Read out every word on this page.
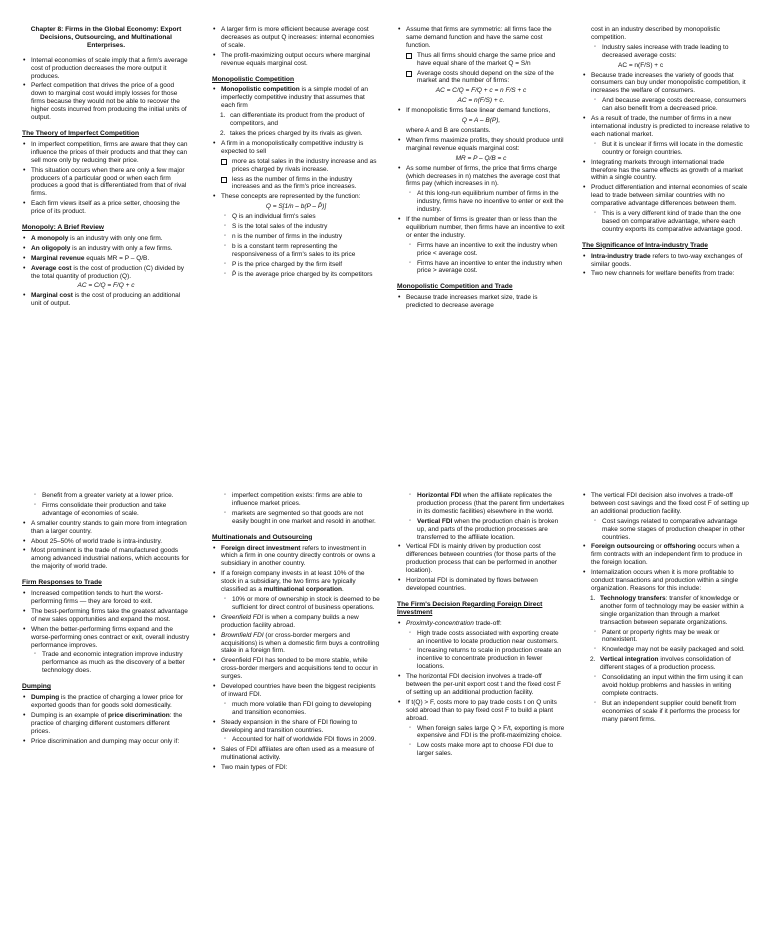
Chapter 8: Firms in the Global Economy: Export Decisions, Outsourcing, and Multinational Enterprises.
• Internal economies of scale imply that a firm's average cost of production decreases the more output it produces.
• Perfect competition that drives the price of a good down to marginal cost would imply losses for those firms because they would not be able to recover the higher costs incurred from producing the initial units of output.
The Theory of Imperfect Competition
• In imperfect competition, firms are aware that they can influence the prices of their products and that they can sell more only by reducing their price.
• This situation occurs when there are only a few major producers of a particular good or when each firm produces a good that is differentiated from that of rival firms.
• Each firm views itself as a price setter, choosing the price of its product.
Monopoly: A Brief Review
• A monopoly is an industry with only one firm.
• An oligopoly is an industry with only a few firms.
• Marginal revenue equals MR = P – Q/B.
• Average cost is the cost of production (C) divided by the total quantity of production (Q).
AC = C/Q = F/Q + c
• Marginal cost is the cost of producing an additional unit of output.
• A larger firm is more efficient because average cost decreases as output Q increases: internal economies of scale.
• The profit-maximizing output occurs where marginal revenue equals marginal cost.
Monopolistic Competition
• Monopolistic competition is a simple model of an imperfectly competitive industry that assumes that each firm
1. can differentiate its product from the product of competitors, and
2. takes the prices charged by its rivals as given.
• A firm in a monopolistically competitive industry is expected to sell
more as total sales in the industry increase and as prices charged by rivals increase.
less as the number of firms in the industry increases and as the firm's price increases.
• These concepts are represented by the function:
Q = S[1/n – b(P – P̄)]
◦ Q is an individual firm's sales
◦ S is the total sales of the industry
◦ n is the number of firms in the industry
◦ b is a constant term representing the responsiveness of a firm's sales to its price
◦ P is the price charged by the firm itself
◦ P̄ is the average price charged by its competitors
• Assume that firms are symmetric: all firms face the same demand function and have the same cost function.
Thus all firms should charge the same price and have equal share of the market Q = S/n
Average costs should depend on the size of the market and the number of firms:
AC = C/Q = F/Q + c = n F/S + c
AC = n(F/S) + c.
• If monopolistic firms face linear demand functions,
Q = A – B(P),
where A and B are constants.
• When firms maximize profits, they should produce until marginal revenue equals marginal cost:
MR = P – Q/B = c
• As some number of firms, the price that firms charge (which decreases in n) matches the average cost that firms pay (which increases in n).
◦ At this long-run equilibrium number of firms in the industry, firms have no incentive to enter or exit the industry.
• If the number of firms is greater than or less than the equilibrium number, then firms have an incentive to exit or enter the industry.
◦ Firms have an incentive to exit the industry when price < average cost.
◦ Firms have an incentive to enter the industry when price > average cost.
Monopolistic Competition and Trade
• Because trade increases market size, trade is predicted to decrease average
cost in an industry described by monopolistic competition.
◦ Industry sales increase with trade leading to decreased average costs:
AC = n(F/S) + c
• Because trade increases the variety of goods that consumers can buy under monopolistic competition, it increases the welfare of consumers.
◦ And because average costs decrease, consumers can also benefit from a decreased price.
• As a result of trade, the number of firms in a new international industry is predicted to increase relative to each national market.
◦ But it is unclear if firms will locate in the domestic country or foreign countries.
• Integrating markets through international trade therefore has the same effects as growth of a market within a single country.
• Product differentiation and internal economies of scale lead to trade between similar countries with no comparative advantage differences between them.
◦ This is a very different kind of trade than the one based on comparative advantage, where each country exports its comparative advantage good.
The Significance of Intra-industry Trade
• Intra-industry trade refers to two-way exchanges of similar goods.
• Two new channels for welfare benefits from trade:
◦ Benefit from a greater variety at a lower price.
◦ Firms consolidate their production and take advantage of economies of scale.
• A smaller country stands to gain more from integration than a larger country.
• About 25–50% of world trade is intra-industry.
• Most prominent is the trade of manufactured goods among advanced industrial nations, which accounts for the majority of world trade.
Firm Responses to Trade
• Increased competition tends to hurt the worst-performing firms — they are forced to exit.
• The best-performing firms take the greatest advantage of new sales opportunities and expand the most.
• When the better-performing firms expand and the worse-performing ones contract or exit, overall industry performance improves.
◦ Trade and economic integration improve industry performance as much as the discovery of a better technology does.
Dumping
• Dumping is the practice of charging a lower price for exported goods than for goods sold domestically.
• Dumping is an example of price discrimination: the practice of charging different customers different prices.
• Price discrimination and dumping may occur only if:
◦ imperfect competition exists: firms are able to influence market prices.
◦ markets are segmented so that goods are not easily bought in one market and resold in another.
Multinationals and Outsourcing
• Foreign direct investment refers to investment in which a firm in one country directly controls or owns a subsidiary in another country.
• If a foreign company invests in at least 10% of the stock in a subsidiary, the two firms are typically classified as a multinational corporation.
◦ 10% or more of ownership in stock is deemed to be sufficient for direct control of business operations.
• Greenfield FDI is when a company builds a new production facility abroad.
• Brownfield FDI (or cross-border mergers and acquisitions) is when a domestic firm buys a controlling stake in a foreign firm.
• Greenfield FDI has tended to be more stable, while cross-border mergers and acquisitions tend to occur in surges.
• Developed countries have been the biggest recipients of inward FDI.
◦ much more volatile than FDI going to developing and transition economies.
• Steady expansion in the share of FDI flowing to developing and transition countries.
◦ Accounted for half of worldwide FDI flows in 2009.
• Sales of FDI affiliates are often used as a measure of multinational activity.
• Two main types of FDI:
◦ Horizontal FDI when the affiliate replicates the production process (that the parent firm undertakes in its domestic facilities) elsewhere in the world.
◦ Vertical FDI when the production chain is broken up, and parts of the production processes are transferred to the affiliate location.
• Vertical FDI is mainly driven by production cost differences between countries (for those parts of the production process that can be performed in another location).
• Horizontal FDI is dominated by flows between developed countries.
The Firm's Decision Regarding Foreign Direct Investment
• Proximity-concentration trade-off:
◦ High trade costs associated with exporting create an incentive to locate production near customers.
◦ Increasing returns to scale in production create an incentive to concentrate production in fewer locations.
• The horizontal FDI decision involves a trade-off between the per-unit export cost t and the fixed cost F of setting up an additional production facility.
• If t(Q) > F, costs more to pay trade costs t on Q units sold abroad than to pay fixed cost F to build a plant abroad.
◦ When foreign sales large Q > F/t, exporting is more expensive and FDI is the profit-maximizing choice.
◦ Low costs make more apt to choose FDI due to larger sales.
• The vertical FDI decision also involves a trade-off between cost savings and the fixed cost F of setting up an additional production facility.
◦ Cost savings related to comparative advantage make some stages of production cheaper in other countries.
• Foreign outsourcing or offshoring occurs when a firm contracts with an independent firm to produce in the foreign location.
• Internalization occurs when it is more profitable to conduct transactions and production within a single organization. Reasons for this include:
1. Technology transfers: transfer of knowledge or another form of technology may be easier within a single organization than through a market transaction between separate organizations.
◦ Patent or property rights may be weak or nonexistent.
◦ Knowledge may not be easily packaged and sold.
2. Vertical integration involves consolidation of different stages of a production process.
◦ Consolidating an input within the firm using it can avoid holdup problems and hassles in writing complete contracts.
◦ But an independent supplier could benefit from economies of scale if it performs the process for many parent firms.
